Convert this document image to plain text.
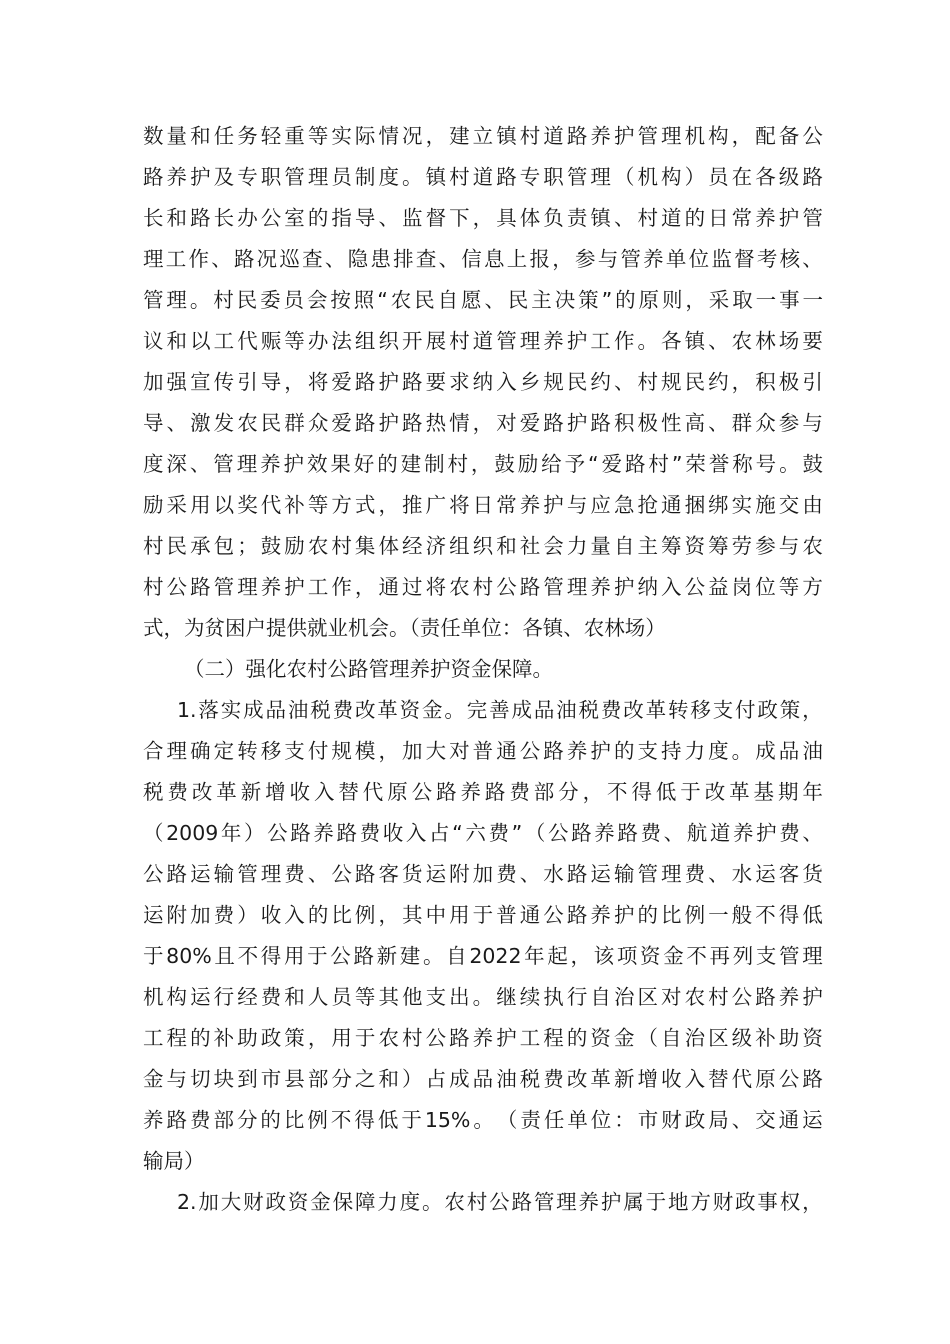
数 量 和 任 务 轻 重 等 实 际 情 况 ， 建 立 镇 村 道 路 养 护 管 理 机 构 ， 配 备 公
路 养 护 及 专 职 管 理 员 制 度 。 镇 村 道 路 专 职 管 理 （ 机 构 ） 员 在 各 级 路
长 和 路 长 办 公 室 的 指 导 、 监 督 下 ， 具 体 负 责 镇 、 村 道 的 日 常 养 护 管
理 工 作 、 路 况 巡 查 、 隐 患 排 查 、 信 息 上 报 ， 参 与 管 养 单 位 监 督 考 核 、
管 理 。 村 民 委 员 会 按 照 “ 农 民 自 愿 、 民 主 决 策 ” 的 原 则 ， 采 取 一 事 一
议 和 以 工 代 赈 等 办 法 组 织 开 展 村 道 管 理 养 护 工 作 。 各 镇 、 农 林 场 要
加 强 宣 传 引 导 ， 将 爱 路 护 路 要 求 纳 入 乡 规 民 约 、 村 规 民 约 ， 积 极 引
导 、 激 发 农 民 群 众 爱 路 护 路 热 情 ， 对 爱 路 护 路 积 极 性 高 、 群 众 参 与
度 深 、 管 理 养 护 效 果 好 的 建 制 村 ， 鼓 励 给 予 “ 爱 路 村 ” 荣 誉 称 号 。 鼓
励 采 用 以 奖 代 补 等 方 式 ， 推 广 将 日 常 养 护 与 应 急 抢 通 捆 绑 实 施 交 由
村 民 承 包 ； 鼓 励 农 村 集 体 经 济 组 织 和 社 会 力 量 自 主 筹 资 筹 劳 参 与 农
村 公 路 管 理 养 护 工 作 ， 通 过 将 农 村 公 路 管 理 养 护 纳 入 公 益 岗 位 等 方
式，为贫困户提供就业机会。（责任单位：各镇、农林场）
（二）强化农村公路管理养护资金保障。
1. 落 实 成 品 油 税 费 改 革 资 金 。 完 善 成 品 油 税 费 改 革 转 移 支 付 政 策 ，
合 理 确 定 转 移 支 付 规 模 ， 加 大 对 普 通 公 路 养 护 的 支 持 力 度 。 成 品 油
税 费 改 革 新 增 收 入 替 代 原 公 路 养 路 费 部 分 ， 不 得 低 于 改 革 基 期 年
（ 2009 年 ） 公 路 养 路 费 收 入 占 “ 六 费 ” （ 公 路 养 路 费 、 航 道 养 护 费 、
公 路 运 输 管 理 费 、 公 路 客 货 运 附 加 费 、 水 路 运 输 管 理 费 、 水 运 客 货
运 附 加 费 ） 收 入 的 比 例 ， 其 中 用 于 普 通 公 路 养 护 的 比 例 一 般 不 得 低
于 80% 且 不 得 用 于 公 路 新 建 。 自 2022 年 起 ， 该 项 资 金 不 再 列 支 管 理
机 构 运 行 经 费 和 人 员 等 其 他 支 出 。 继 续 执 行 自 治 区 对 农 村 公 路 养 护
工 程 的 补 助 政 策 ， 用 于 农 村 公 路 养 护 工 程 的 资 金 （ 自 治 区 级 补 助 资
金 与 切 块 到 市 县 部 分 之 和 ） 占 成 品 油 税 费 改 革 新 增 收 入 替 代 原 公 路
养 路 费 部 分 的 比 例 不 得 低 于 15% 。 （ 责 任 单 位 ： 市 财 政 局 、 交 通 运
输局）
2. 加 大 财 政 资 金 保 障 力 度 。 农 村 公 路 管 理 养 护 属 于 地 方 财 政 事 权 ，
